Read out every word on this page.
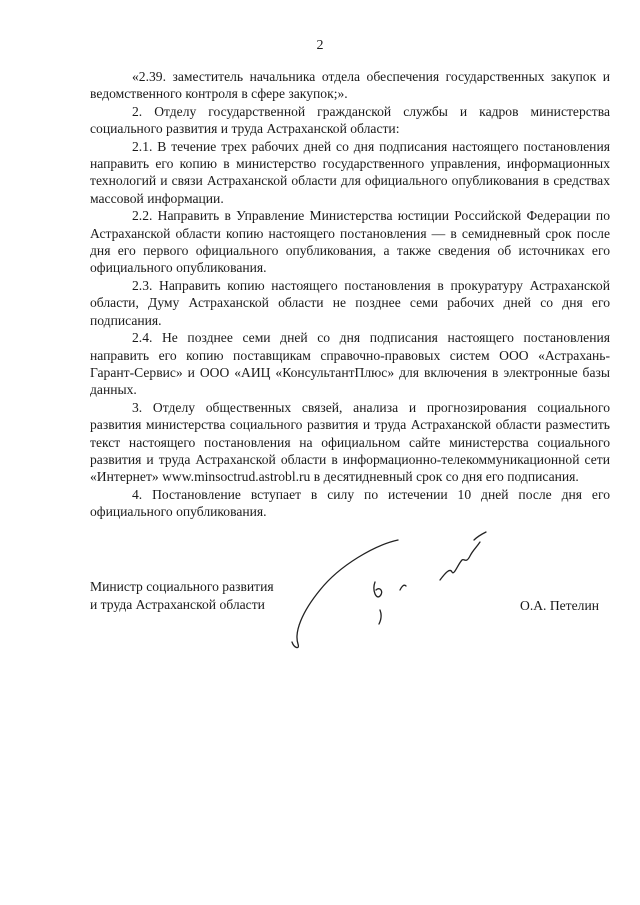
2

«2.39. заместитель начальника отдела обеспечения государственных закупок и ведомственного контроля в сфере закупок;».

2. Отделу государственной гражданской службы и кадров министерства социального развития и труда Астраханской области:

2.1. В течение трех рабочих дней со дня подписания настоящего постановления направить его копию в министерство государственного управления, информационных технологий и связи Астраханской области для официального опубликования в средствах массовой информации.

2.2. Направить в Управление Министерства юстиции Российской Федерации по Астраханской области копию настоящего постановления — в семидневный срок после дня его первого официального опубликования, а также сведения об источниках его официального опубликования.

2.3. Направить копию настоящего постановления в прокуратуру Астраханской области, Думу Астраханской области не позднее семи рабочих дней со дня его подписания.

2.4. Не позднее семи дней со дня подписания настоящего постановления направить его копию поставщикам справочно-правовых систем ООО «Астрахань-Гарант-Сервис» и ООО «АИЦ «КонсультантПлюс» для включения в электронные базы данных.

3. Отделу общественных связей, анализа и прогнозирования социального развития министерства социального развития и труда Астраханской области разместить текст настоящего постановления на официальном сайте министерства социального развития и труда Астраханской области в информационно-телекоммуникационной сети «Интернет» www.minsoctrud.astrobl.ru в десятидневный срок со дня его подписания.

4. Постановление вступает в силу по истечении 10 дней после дня его официального опубликования.

Министр социального развития
и труда Астраханской области	О.А. Петелин
